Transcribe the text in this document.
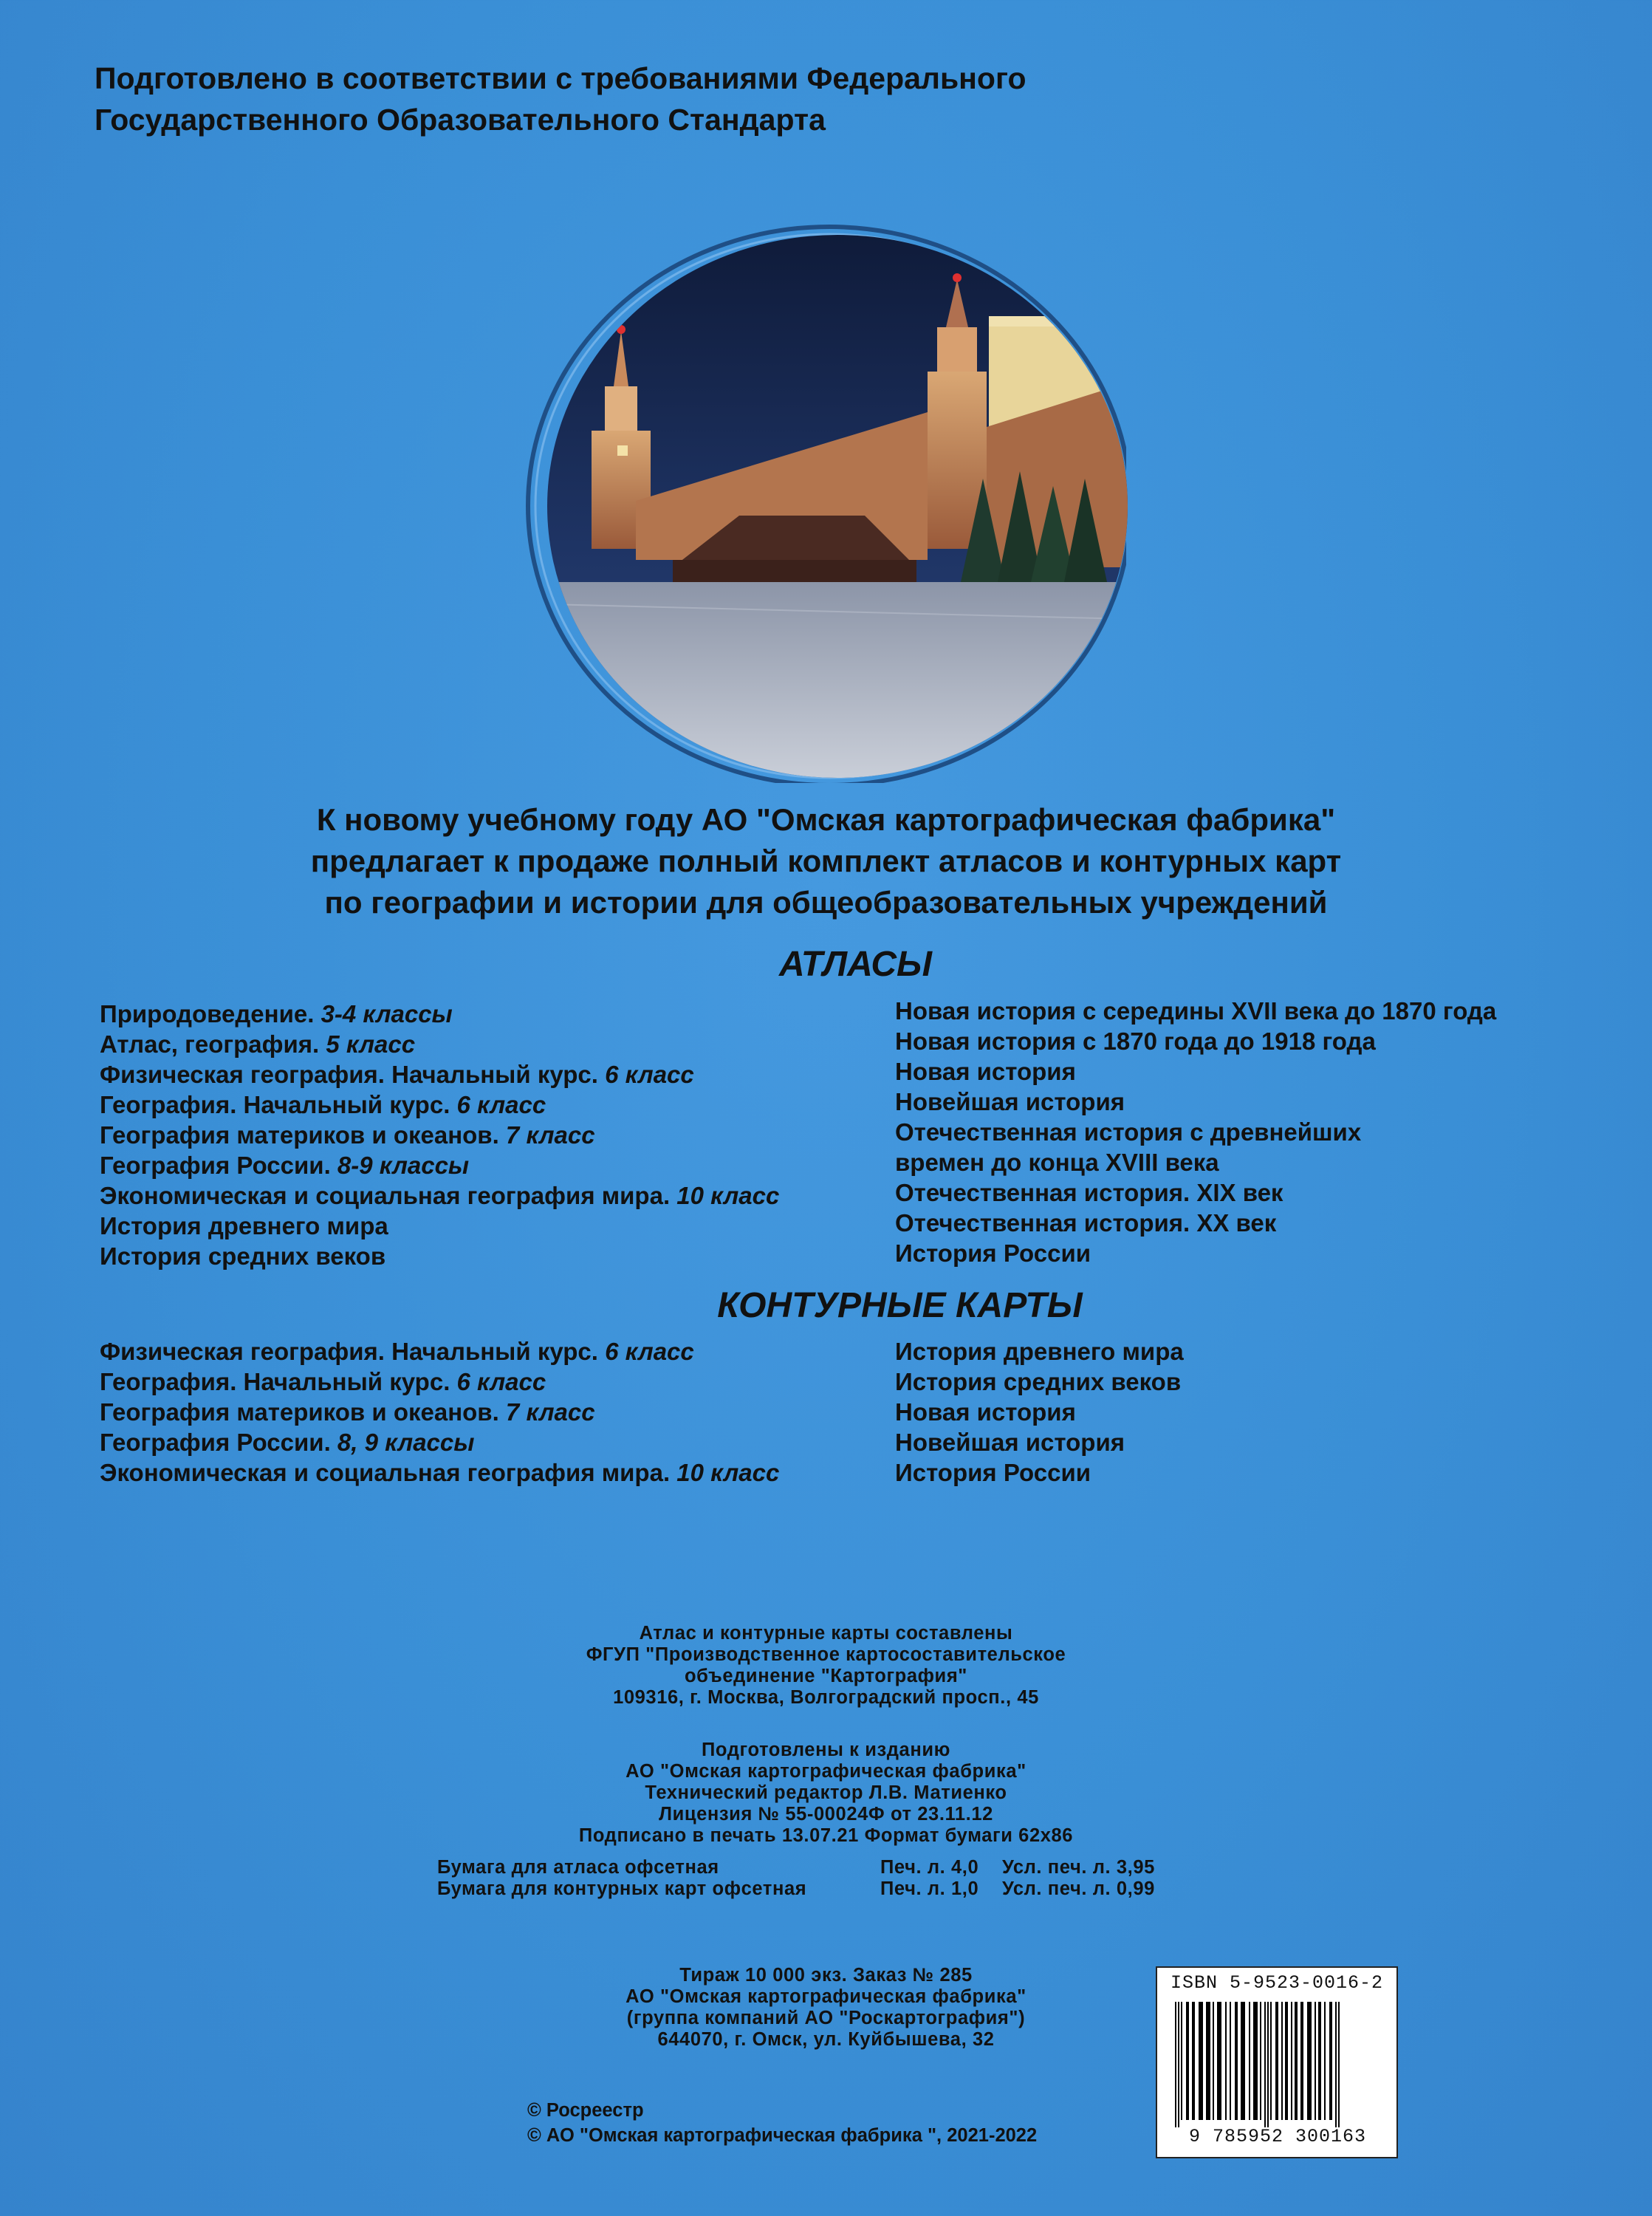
Подготовлено в соответствии с требованиями Федерального
Государственного Образовательного Стандарта
К новому учебному году АО "Омская картографическая фабрика"
предлагает к продаже полный комплект атласов и контурных карт
по географии и истории для общеобразовательных учреждений
АТЛАСЫ
Природоведение. 3-4 классы
Атлас, география. 5 класс
Физическая география. Начальный курс. 6 класс
География. Начальный курс. 6 класс
География материков и океанов. 7 класс
География России. 8-9 классы
Экономическая и социальная география мира. 10 класс
История древнего мира
История средних веков
Новая история с середины XVII века до 1870 года
Новая история с 1870 года до 1918 года
Новая история
Новейшая история
Отечественная история с древнейших
времен до конца XVIII века
Отечественная история. XIX век
Отечественная история. XX век
История России
КОНТУРНЫЕ КАРТЫ
Физическая география. Начальный курс. 6 класс
География. Начальный курс. 6 класс
География материков и океанов. 7 класс
География России. 8, 9 классы
Экономическая и социальная география мира. 10 класс
История древнего мира
История средних веков
Новая история
Новейшая история
История России
Атлас и контурные карты составлены
ФГУП "Производственное картосоставительское
объединение "Картография"
109316, г. Москва, Волгоградский просп., 45
Подготовлены к изданию
АО "Омская картографическая фабрика"
Технический редактор Л.В. Матиенко
Лицензия № 55-00024Ф от 23.11.12
Подписано в печать 13.07.21 Формат бумаги 62х86
Бумага для атласа офсетная	Печ. л. 4,0	Усл. печ. л. 3,95
Бумага для контурных карт офсетная	Печ. л. 1,0	Усл. печ. л. 0,99
Тираж 10 000 экз. Заказ № 285
АО "Омская картографическая фабрика"
(группа компаний АО "Роскартография")
644070, г. Омск, ул. Куйбышева, 32
© Росреестр
© АО "Омская картографическая фабрика ", 2021-2022
ISBN 5-9523-0016-2
9 785952 300163
